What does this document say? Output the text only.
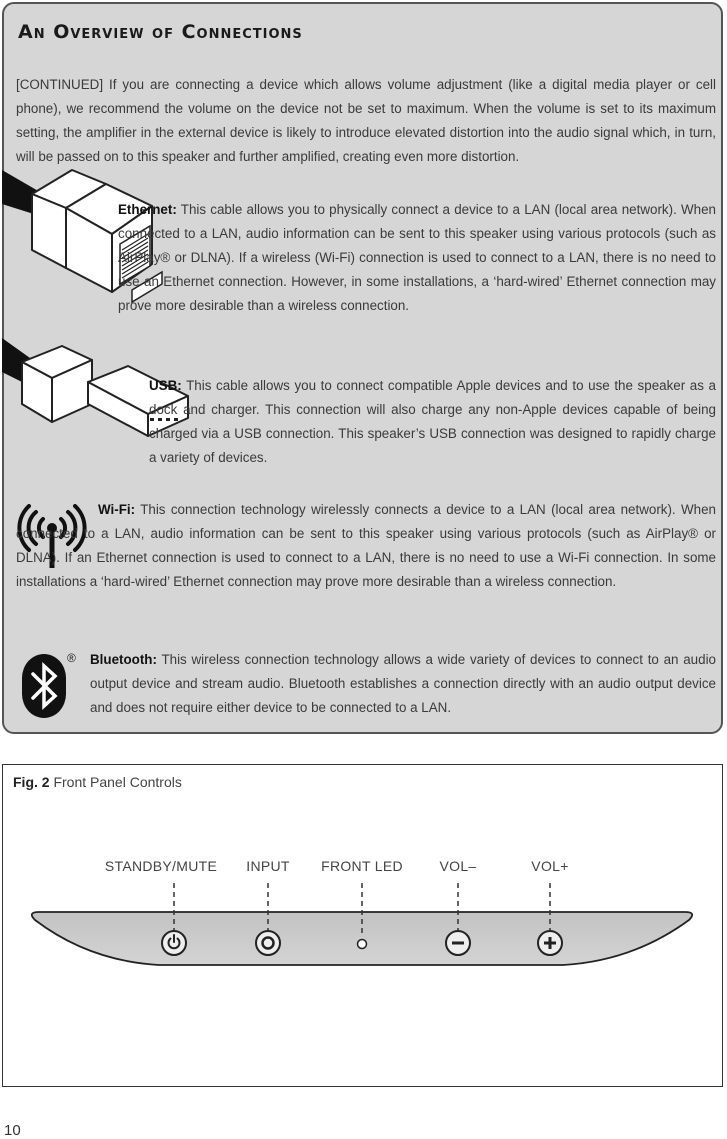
An Overview of Connections

[CONTINUED] If you are connecting a device which allows volume adjustment (like a digital media player or cell phone), we recommend the volume on the device not be set to maximum. When the volume is set to its maximum setting, the amplifier in the external device is likely to introduce elevated distortion into the audio signal which, in turn, will be passed on to this speaker and further amplified, creating even more distortion.

Ethernet: This cable allows you to physically connect a device to a LAN (local area network). When connected to a LAN, audio information can be sent to this speaker using various protocols (such as AirPlay® or DLNA). If a wireless (Wi-Fi) connection is used to connect to a LAN, there is no need to use an Ethernet connection. However, in some installations, a ‘hard-wired’ Ethernet connection may prove more desirable than a wireless connection.

USB: This cable allows you to connect compatible Apple devices and to use the speaker as a dock and charger. This connection will also charge any non-Apple devices capable of being charged via a USB connection. This speaker’s USB connection was designed to rapidly charge a variety of devices.

Wi-Fi: This connection technology wirelessly connects a device to a LAN (local area network). When connected to a LAN, audio information can be sent to this speaker using various protocols (such as AirPlay® or DLNA). If an Ethernet connection is used to connect to a LAN, there is no need to use a Wi-Fi connection. In some installations a ‘hard-wired’ Ethernet connection may prove more desirable than a wireless connection.

® Bluetooth: This wireless connection technology allows a wide variety of devices to connect to an audio output device and stream audio. Bluetooth establishes a connection directly with an audio output device and does not require either device to be connected to a LAN.

Fig. 2 Front Panel Controls

STANDBY/MUTE INPUT FRONT LED	VOL–	VOL+
10
